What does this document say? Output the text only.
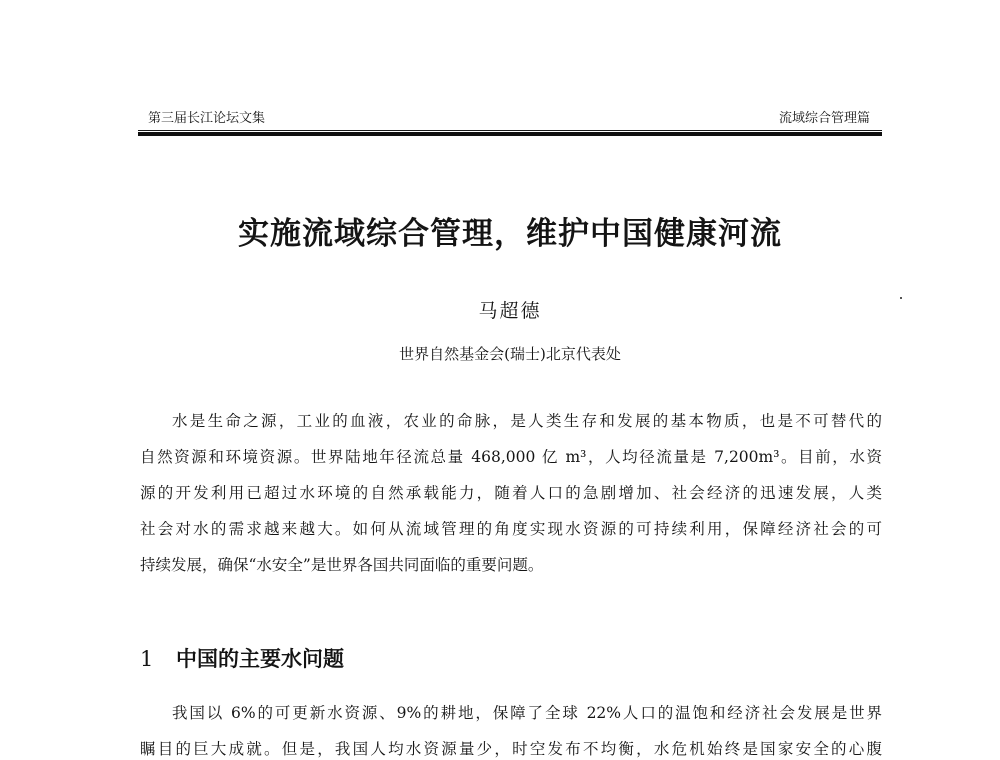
第三届长江论坛文集	流域综合管理篇
实施流域综合管理，维护中国健康河流
马超德
世界自然基金会(瑞士)北京代表处
水是生命之源，工业的血液，农业的命脉，是人类生存和发展的基本物质，也是不可替代的
自然资源和环境资源。世界陆地年径流总量 468,000 亿 m³，人均径流量是 7,200m³。目前，水资
源的开发利用已超过水环境的自然承载能力，随着人口的急剧增加、社会经济的迅速发展，人类
社会对水的需求越来越大。如何从流域管理的角度实现水资源的可持续利用，保障经济社会的可
持续发展，确保“水安全”是世界各国共同面临的重要问题。
1 中国的主要水问题
我国以 6%的可更新水资源、9%的耕地，保障了全球 22%人口的温饱和经济社会发展是世界
瞩目的巨大成就。但是，我国人均水资源量少，时空发布不均衡，水危机始终是国家安全的心腹
